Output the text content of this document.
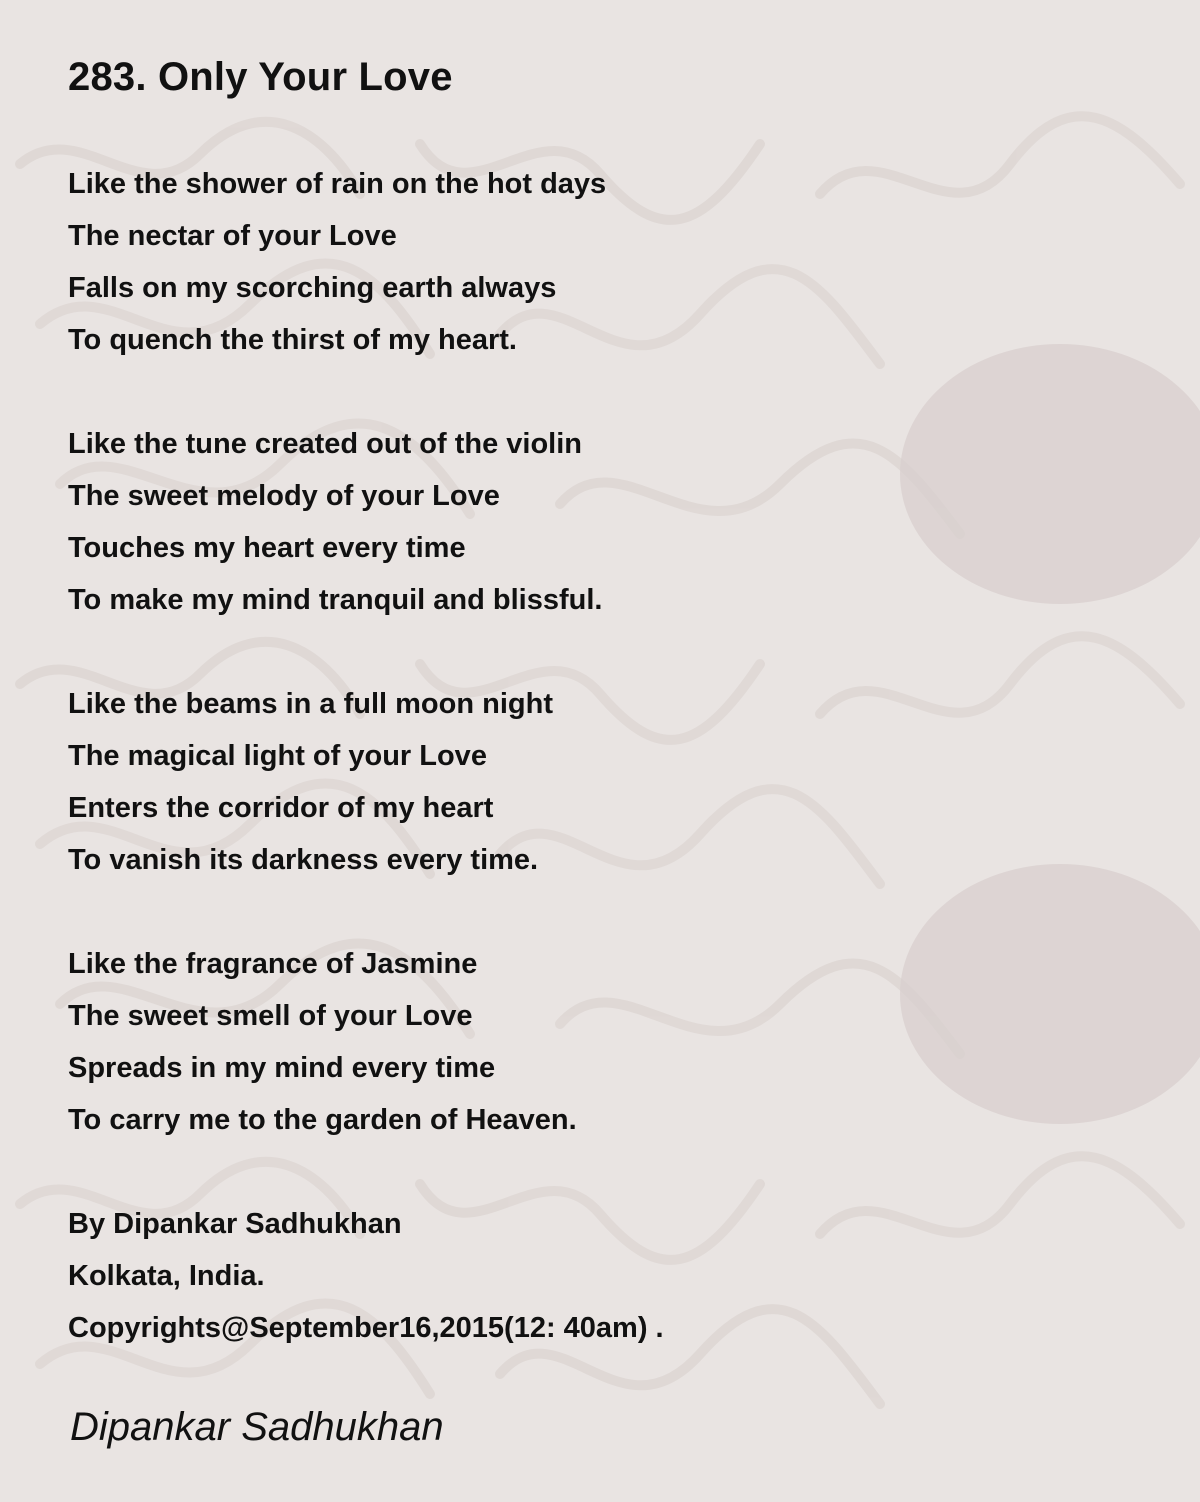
283. Only Your Love
Like the shower of rain on the hot days
The nectar of your Love
Falls on my scorching earth always
To quench the thirst of my heart.
Like the tune created out of the violin
The sweet melody of your Love
Touches my heart every time
To make my mind tranquil and blissful.
Like the beams in a full moon night
The magical light of your Love
Enters the corridor of my heart
To vanish its darkness every time.
Like the fragrance of Jasmine
The sweet smell of your Love
Spreads in my mind every time
To carry me to the garden of Heaven.
By Dipankar Sadhukhan
Kolkata, India.
Copyrights@September16,2015(12: 40am) .
Dipankar Sadhukhan
